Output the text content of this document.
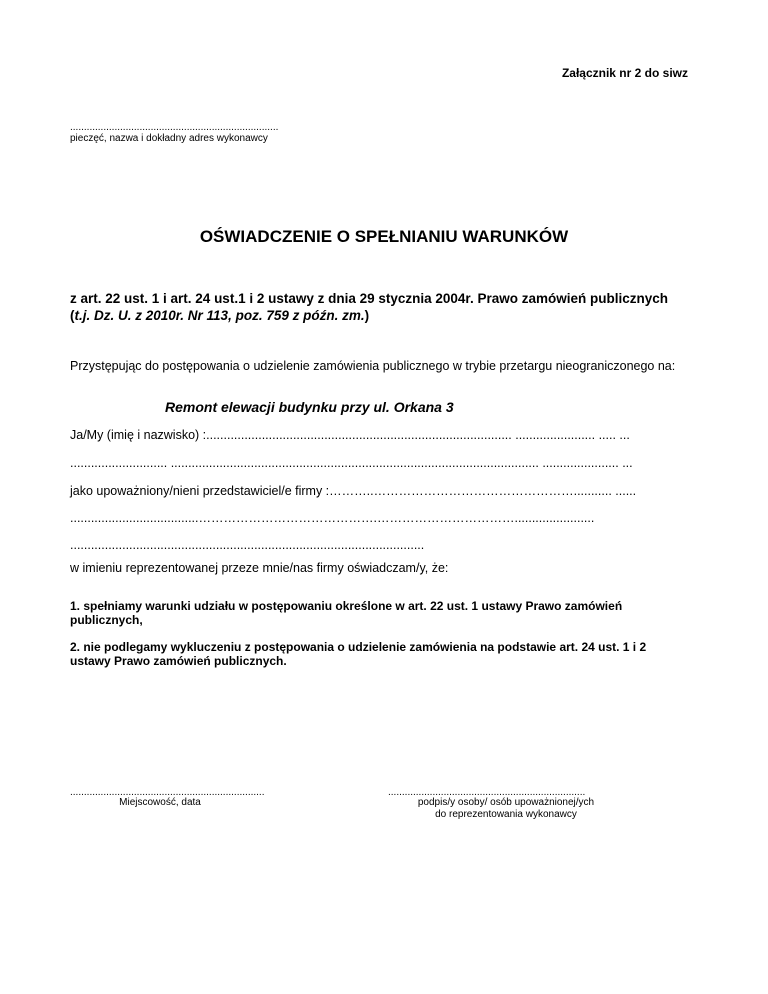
Załącznik nr 2 do siwz

...........................................................................

pieczęć, nazwa i dokładny adres wykonawcy

OŚWIADCZENIE O SPEŁNIANIU WARUNKÓW

z art. 22 ust. 1 i art. 24 ust.1 i 2 ustawy z dnia 29 stycznia 2004r. Prawo zamówień publicznych (t.j. Dz. U. z 2010r. Nr 113, poz. 759 z późn. zm.)

Przystępując do postępowania o udzielenie zamówienia publicznego w trybie przetargu nieograniczonego na:

Remont elewacji budynku przy ul. Orkana 3

Ja/My (imię i nazwisko) :........................................................................................ ....................... ..... ...

............................ .......................................................................................................... ...................... ...

jako upoważniony/nieni przedstawiciel/e firmy :………..…………………………………………........... ......

.....................................…………………………………….…………………………….......................

......................................................................................................

w imieniu reprezentowanej przeze mnie/nas firmy oświadczam/y, że:

1. spełniamy warunki udziału w postępowaniu określone w art. 22 ust. 1 ustawy Prawo zamówień publicznych,

2. nie podlegamy wykluczeniu z postępowania o udzielenie zamówienia na podstawie art. 24 ust. 1 i 2 ustawy Prawo zamówień publicznych.

......................................................................	.......................................................................

Miejscowość, data	podpis/y osoby/ osób upoważnionej/ych
do reprezentowania wykonawcy
